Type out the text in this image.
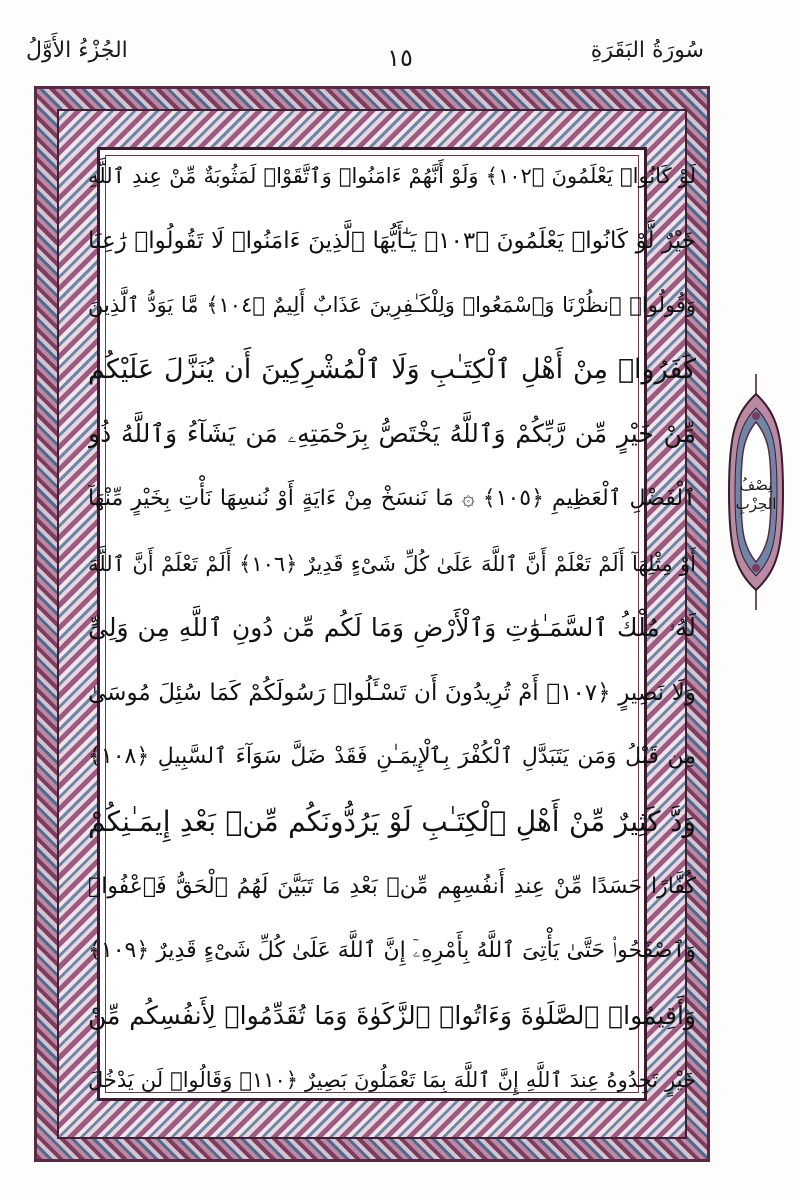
سُورَةُ البَقَرَةِ
١٥
الجُزْءُ الأَوَّلُ
لَوْ كَانُوا۟ يَعْلَمُونَ ﴿١٠٢﴾ وَلَوْ أَنَّهُمْ ءَامَنُوا۟ وَٱتَّقَوْا۟ لَمَثُوبَةٌ مِّنْ عِندِ ٱللَّهِ
خَيْرٌ لَّوْ كَانُوا۟ يَعْلَمُونَ ﴿١٠٣﴾ يَـٰٓأَيُّهَا ٱلَّذِينَ ءَامَنُوا۟ لَا تَقُولُوا۟ رَٰعِنَا
وَقُولُوا۟ ٱنظُرْنَا وَٱسْمَعُوا۟ وَلِلْكَـٰفِرِينَ عَذَابٌ أَلِيمٌ ﴿١٠٤﴾ مَّا يَوَدُّ ٱلَّذِينَ
كَفَرُوا۟ مِنْ أَهْلِ ٱلْكِتَـٰبِ وَلَا ٱلْمُشْرِكِينَ أَن يُنَزَّلَ عَلَيْكُم
مِّنْ خَيْرٍ مِّن رَّبِّكُمْ وَٱللَّهُ يَخْتَصُّ بِرَحْمَتِهِۦ مَن يَشَآءُ وَٱللَّهُ ذُو
ٱلْفَضْلِ ٱلْعَظِيمِ ﴿١٠٥﴾ ۞ مَا نَنسَخْ مِنْ ءَايَةٍ أَوْ نُنسِهَا نَأْتِ بِخَيْرٍ مِّنْهَآ
أَوْ مِثْلِهَآ أَلَمْ تَعْلَمْ أَنَّ ٱللَّهَ عَلَىٰ كُلِّ شَىْءٍ قَدِيرٌ ﴿١٠٦﴾ أَلَمْ تَعْلَمْ أَنَّ ٱللَّهَ
لَهُۥ مُلْكُ ٱلسَّمَـٰوَٰتِ وَٱلْأَرْضِ وَمَا لَكُم مِّن دُونِ ٱللَّهِ مِن وَلِىٍّ
وَلَا نَصِيرٍ ﴿١٠٧﴾ أَمْ تُرِيدُونَ أَن تَسْـَٔلُوا۟ رَسُولَكُمْ كَمَا سُئِلَ مُوسَىٰ
مِن قَبْلُ وَمَن يَتَبَدَّلِ ٱلْكُفْرَ بِٱلْإِيمَـٰنِ فَقَدْ ضَلَّ سَوَآءَ ٱلسَّبِيلِ ﴿١٠٨﴾
وَدَّ كَثِيرٌ مِّنْ أَهْلِ ٱلْكِتَـٰبِ لَوْ يَرُدُّونَكُم مِّنۢ بَعْدِ إِيمَـٰنِكُمْ
كُفَّارًا حَسَدًا مِّنْ عِندِ أَنفُسِهِم مِّنۢ بَعْدِ مَا تَبَيَّنَ لَهُمُ ٱلْحَقُّ فَٱعْفُوا۟
وَٱصْفَحُوا۟ حَتَّىٰ يَأْتِىَ ٱللَّهُ بِأَمْرِهِۦٓ إِنَّ ٱللَّهَ عَلَىٰ كُلِّ شَىْءٍ قَدِيرٌ ﴿١٠٩﴾
وَأَقِيمُوا۟ ٱلصَّلَوٰةَ وَءَاتُوا۟ ٱلزَّكَوٰةَ وَمَا تُقَدِّمُوا۟ لِأَنفُسِكُم مِّنْ
خَيْرٍ تَجِدُوهُ عِندَ ٱللَّهِ إِنَّ ٱللَّهَ بِمَا تَعْمَلُونَ بَصِيرٌ ﴿١١٠﴾ وَقَالُوا۟ لَن يَدْخُلَ
نِصْفُ
الحِزْبِ
